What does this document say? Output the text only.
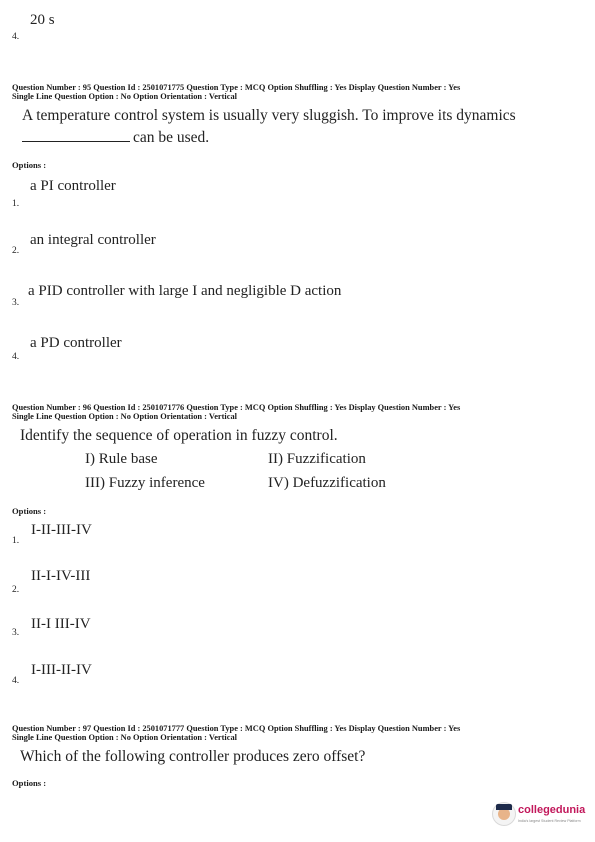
20 s
4.
Question Number : 95 Question Id : 2501071775 Question Type : MCQ Option Shuffling : Yes Display Question Number : Yes
Single Line Question Option : No Option Orientation : Vertical
A temperature control system is usually very sluggish. To improve its dynamics
can be used.
Options :
a PI controller
1.
an integral controller
2.
a PID controller with large I and negligible D action
3.
a PD controller
4.
Question Number : 96 Question Id : 2501071776 Question Type : MCQ Option Shuffling : Yes Display Question Number : Yes
Single Line Question Option : No Option Orientation : Vertical
Identify the sequence of operation in fuzzy control.
I) Rule base	II) Fuzzification
III) Fuzzy inference	IV) Defuzzification
Options :
I-II-III-IV
1.
II-I-IV-III
2.
II-I III-IV
3.
I-III-II-IV
4.
Question Number : 97 Question Id : 2501071777 Question Type : MCQ Option Shuffling : Yes Display Question Number : Yes
Single Line Question Option : No Option Orientation : Vertical
Which of the following controller produces zero offset?
Options :
collegedunia
India's largest Student Review Platform
